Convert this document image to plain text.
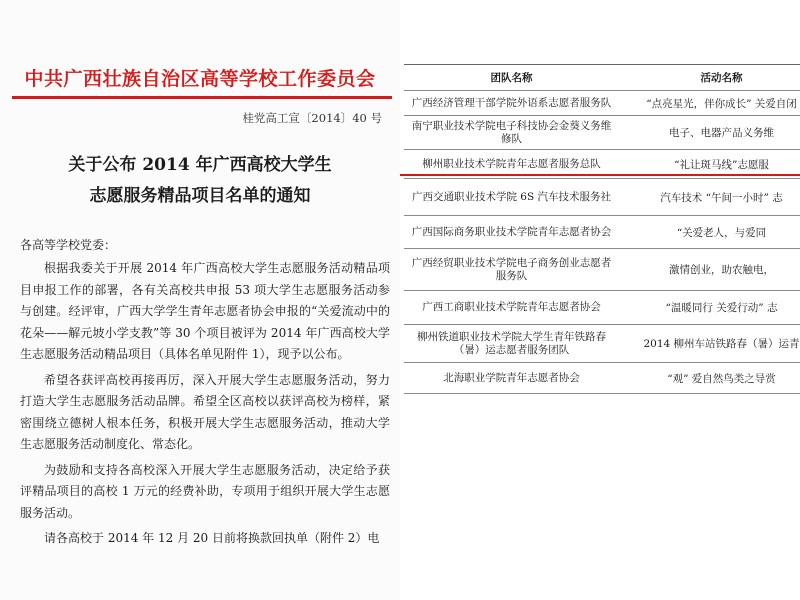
中共广西壮族自治区高等学校工作委员会
桂党高工宣〔2014〕40 号
关于公布 2014 年广西高校大学生
志愿服务精品项目名单的通知
各高等学校党委：

根据我委关于开展 2014 年广西高校大学生志愿服务活动精品项目申报工作的部署，各有关高校共申报 53 项大学生志愿服务活动参与创建。经评审，广西大学学生青年志愿者协会申报的“关爱流动中的花朵——解元坡小学支教”等 30 个项目被评为 2014 年广西高校大学生志愿服务活动精品项目（具体名单见附件 1），现予以公布。

希望各获评高校再接再厉，深入开展大学生志愿服务活动，努力打造大学生志愿服务活动品牌。希望全区高校以获评高校为榜样，紧密围绕立德树人根本任务，积极开展大学生志愿服务活动，推动大学生志愿服务活动制度化、常态化。

为鼓励和支持各高校深入开展大学生志愿服务活动，决定给予获评精品项目的高校 1 万元的经费补助，专项用于组织开展大学生志愿服务活动。

请各高校于 2014 年 12 月 20 日前将换款回执单（附件 2）电

团队名称	活动名称
广西经济管理干部学院外语系志愿者服务队	“点亮星光，伴你成长” 关爱自闭
南宁职业技术学院电子科技协会金葵义务维修队	电子、电器产品义务维
柳州职业技术学院青年志愿者服务总队	“礼让斑马线”志愿服
广西交通职业技术学院 6S 汽车技术服务社	汽车技术 “午间一小时” 志
广西国际商务职业技术学院青年志愿者协会	“关爱老人，与爱同
广西经贸职业技术学院电子商务创业志愿者服务队	激情创业，助农触电，
广西工商职业技术学院青年志愿者协会	“温暖同行 关爱行动” 志
柳州铁道职业技术学院大学生青年铁路春（暑）运志愿者服务团队	2014 柳州车站铁路春（暑）运青
北海职业学院青年志愿者协会	“观” 爱自然鸟类之导赏
